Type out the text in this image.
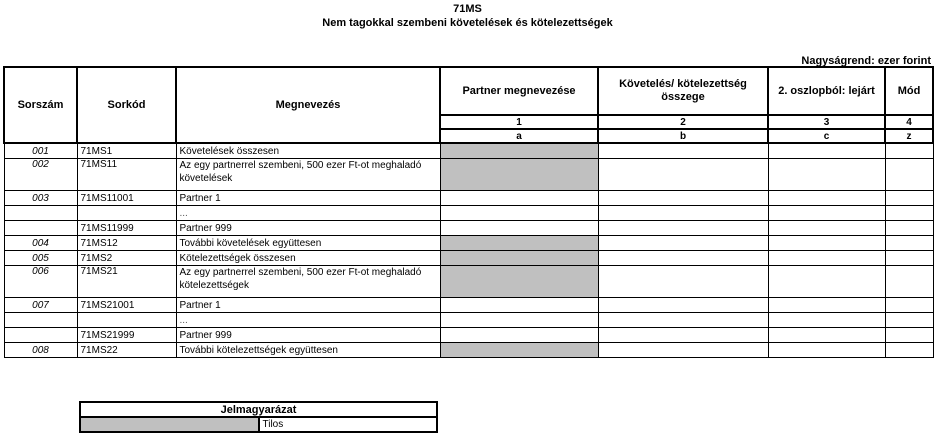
71MS
Nem tagokkal szembeni követelések és kötelezettségek
Nagyságrend: ezer forint
Sorszám	Sorkód	Megnevezés	Partner megnevezése	Követelés/ kötelezettség összege	2. oszlopból: lejárt	Mód
			1	2	3	4
			a	b	c	z
001	71MS1	Követelések összesen				
002	71MS11	Az egy partnerrel szembeni, 500 ezer Ft-ot meghaladó követelések				
003	71MS11001	Partner 1				
		...				
	71MS11999	Partner 999				
004	71MS12	További követelések együttesen				
005	71MS2	Kötelezettségek összesen				
006	71MS21	Az egy partnerrel szembeni, 500 ezer Ft-ot meghaladó kötelezettségek				
007	71MS21001	Partner 1				
		...				
	71MS21999	Partner 999				
008	71MS22	További kötelezettségek együttesen				
Jelmagyarázat
	Tilos
